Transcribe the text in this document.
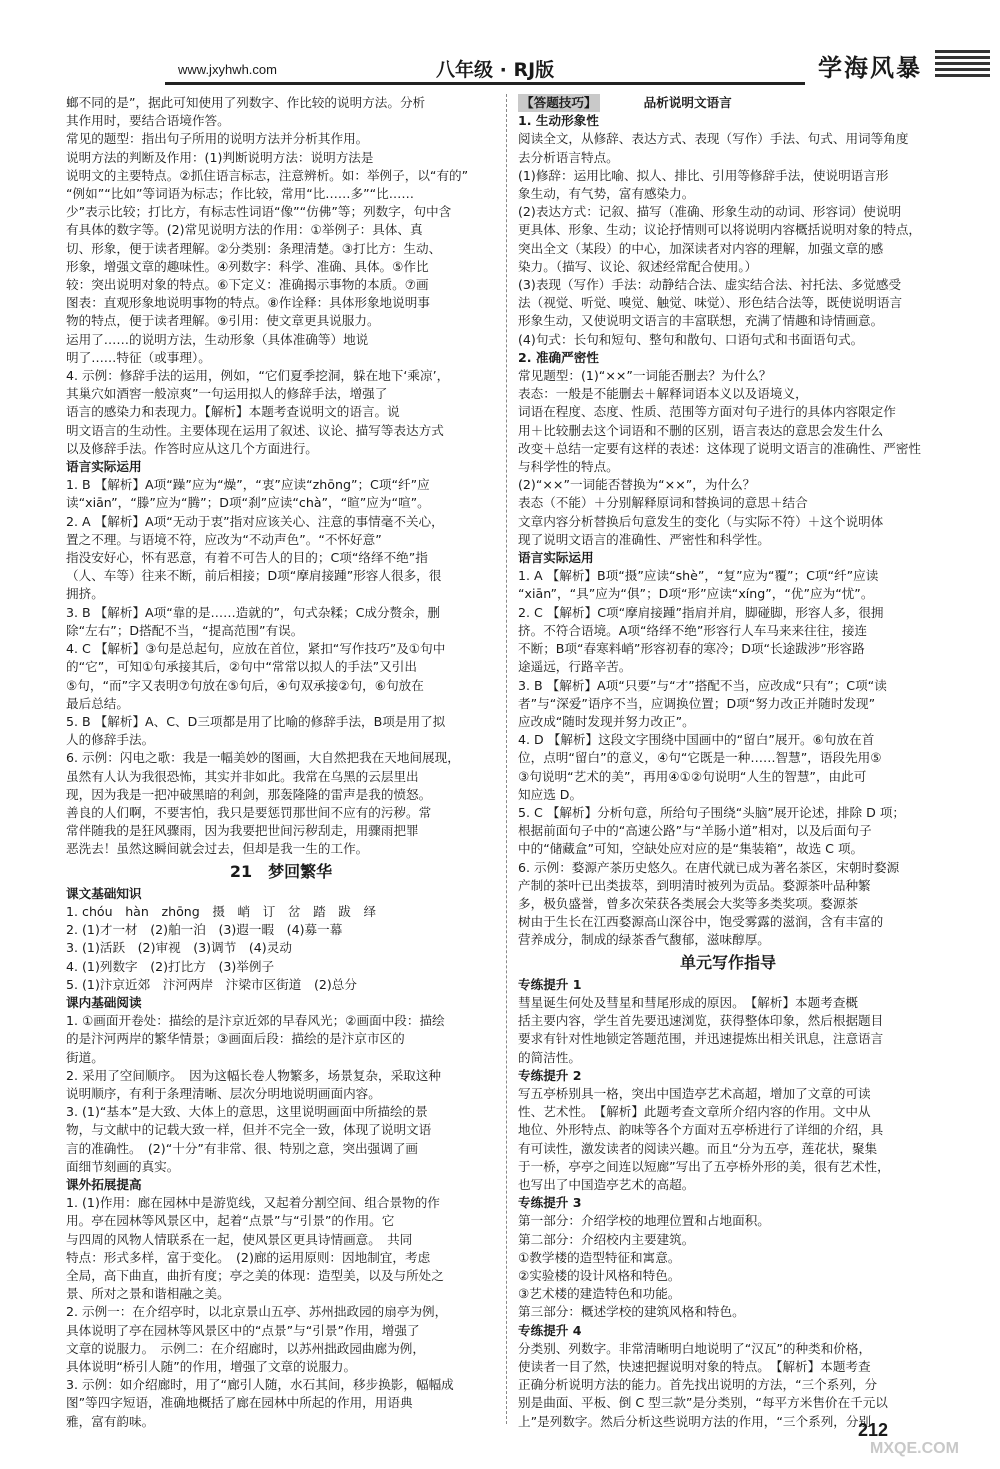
www.jxyhwh.com	八年级 · RJ版	学海风暴
螂不同的是”，据此可知使用了列数字、作比较的说明方法。分析
其作用时，要结合语境作答。
常见的题型：指出句子所用的说明方法并分析其作用。
说明方法的判断及作用：(1)判断说明方法：说明方法是
说明文的主要特点。②抓住语言标志，注意辨析。如：举例子，以“有的”
“例如”“比如”等词语为标志；作比较，常用“比……多”“比……
少”表示比较；打比方，有标志性词语“像”“仿佛”等；列数字，句中含
有具体的数字等。(2)常见说明方法的作用：①举例子：具体、真
切、形象，便于读者理解。②分类别：条理清楚。③打比方：生动、
形象，增强文章的趣味性。④列数字：科学、准确、具体。⑤作比
较：突出说明对象的特点。⑥下定义：准确揭示事物的本质。⑦画
图表：直观形象地说明事物的特点。⑧作诠释：具体形象地说明事
物的特点，便于读者理解。⑨引用：使文章更具说服力。
运用了……的说明方法，生动形象（具体准确等）地说
明了……特征（或事理）。
4. 示例：修辞手法的运用，例如，“它们夏季挖洞，躲在地下‘乘凉’，
其巢穴如酒窖一般凉爽”一句运用拟人的修辞手法，增强了
语言的感染力和表现力。【解析】本题考查说明文的语言。说
明文语言的生动性。主要体现在运用了叙述、议论、描写等表达方式
以及修辞手法。作答时应从这几个方面进行。
语言实际运用
1. B 【解析】A项“躁”应为“燥”，“衷”应读“zhōng”；C项“纤”应
读“xiān”，“滕”应为“腾”；D项“刹”应读“chà”，“暄”应为“喧”。
2. A 【解析】A项“无动于衷”指对应该关心、注意的事情毫不关心，
置之不理。与语境不符，应改为“不动声色”。“不怀好意”
指没安好心，怀有恶意，有着不可告人的目的；C项“络绎不绝”指
（人、车等）往来不断，前后相接；D项“摩肩接踵”形容人很多，很
拥挤。
3. B 【解析】A项“靠的是……造就的”，句式杂糅；C成分赘余，删
除“左右”；D搭配不当，“提高范围”有误。
4. C 【解析】③句是总起句，应放在首位，紧扣“写作技巧”及①句中
的“它”，可知①句承接其后，②句中“常常以拟人的手法”又引出
⑤句，“而”字又表明⑦句放在⑤句后，④句双承接②句，⑥句放在
最后总结。
5. B 【解析】A、C、D三项都是用了比喻的修辞手法，B项是用了拟
人的修辞手法。
6. 示例：闪电之歌：我是一幅美妙的图画，大自然把我在天地间展现，
虽然有人认为我很恐怖，其实并非如此。我常在乌黑的云层里出
现，因为我是一把冲破黑暗的利剑，那轰隆隆的雷声是我的愤怒。
善良的人们啊，不要害怕，我只是要惩罚那世间不应有的污秽。常
常伴随我的是狂风骤雨，因为我要把世间污秽刮走，用骤雨把罪
恶洗去！虽然这瞬间就会过去，但却是我一生的工作。
21　梦回繁华
课文基础知识
1. chóu　hàn　zhōng　摄　峭　订　岔　踏　跋　绎
2. (1)才一材　(2)舶一泊　(3)遐一暇　(4)募一幕
3. (1)活跃　(2)审视　(3)调节　(4)灵动
4. (1)列数字　(2)打比方　(3)举例子
5. (1)汴京近郊　汴河两岸　汴梁市区街道　(2)总分
课内基础阅读
1. ①画面开卷处：描绘的是汴京近郊的早春风光；②画面中段：描绘
的是汴河两岸的繁华情景；③画面后段：描绘的是汴京市区的
街道。
2. 采用了空间顺序。　因为这幅长卷人物繁多，场景复杂，采取这种
说明顺序，有利于条理清晰、层次分明地说明画面内容。
3. (1)“基本”是大致、大体上的意思，这里说明画面中所描绘的景
物，与文献中的记载大致一样，但并不完全一致，体现了说明文语
言的准确性。　(2)“十分”有非常、很、特别之意，突出强调了画
面细节刻画的真实。
课外拓展提高
1. (1)作用：廊在园林中是游览线，又起着分割空间、组合景物的作
用。亭在园林等风景区中，起着“点景”与“引景”的作用。它
与四周的风物人情联系在一起，使风景区更具诗情画意。　共同
特点：形式多样，富于变化。　(2)廊的运用原则：因地制宜，考虑
全局，高下曲直，曲折有度；亭之美的体现：造型美，以及与所处之
景、所对之景和谐相融之美。
2. 示例一：在介绍亭时，以北京景山五亭、苏州拙政园的扇亭为例，
具体说明了亭在园林等风景区中的“点景”与“引景”作用，增强了
文章的说服力。　示例二：在介绍廊时，以苏州拙政园曲廊为例，
具体说明“桥引人随”的作用，增强了文章的说服力。
3. 示例：如介绍廊时，用了“廊引人随，水石其间，移步换影，幅幅成
图”等四字短语，准确地概括了廊在园林中所起的作用，用语典
雅，富有韵味。
【答题技巧】	品析说明文语言
1. 生动形象性
阅读全文，从修辞、表达方式、表现（写作）手法、句式、用词等角度
去分析语言特点。
(1)修辞：运用比喻、拟人、排比、引用等修辞手法，使说明语言形
象生动，有气势，富有感染力。
(2)表达方式：记叙、描写（准确、形象生动的动词、形容词）使说明
更具体、形象、生动；议论抒情则可以将说明内容概括说明对象的特点，
突出全文（某段）的中心，加深读者对内容的理解，加强文章的感
染力。（描写、议论、叙述经常配合使用。）
(3)表现（写作）手法：动静结合法、虚实结合法、衬托法、多觉感受
法（视觉、听觉、嗅觉、触觉、味觉）、形色结合法等，既使说明语言
形象生动，又使说明文语言的丰富联想，充满了情趣和诗情画意。
(4)句式：长句和短句、整句和散句、口语句式和书面语句式。
2. 准确严密性
常见题型：(1)“××”一词能否删去？为什么？
表态：一般是不能删去＋解释词语本义以及语境义，
词语在程度、态度、性质、范围等方面对句子进行的具体内容限定作
用＋比较删去这个词语和不删的区别，语言表达的意思会发生什么
改变＋总结一定要有这样的表述：这体现了说明文语言的准确性、严密性
与科学性的特点。
(2)“××”一词能否替换为“××”，为什么？
表态（不能）＋分别解释原词和替换词的意思＋结合
文章内容分析替换后句意发生的变化（与实际不符）＋这个说明体
现了说明文语言的准确性、严密性和科学性。
语言实际运用
1. A 【解析】B项“摄”应读“shè”，“复”应为“覆”；C项“纤”应读
“xiān”，“具”应为“俱”；D项“形”应读“xíng”，“优”应为“忧”。
2. C 【解析】C项“摩肩接踵”指肩并肩，脚碰脚，形容人多，很拥
挤。不符合语境。A项“络绎不绝”形容行人车马来来往往，接连
不断；B项“春寒料峭”形容初春的寒冷；D项“长途跋涉”形容路
途遥远，行路辛苦。
3. B 【解析】A项“只要”与“才”搭配不当，应改成“只有”；C项“读
者”与“深爱”语序不当，应调换位置；D项“努力改正并随时发现”
应改成“随时发现并努力改正”。
4. D 【解析】这段文字围绕中国画中的“留白”展开。⑥句放在首
位，点明“留白”的意义，④句“它既是一种……智慧”，语段先用⑤
③句说明“艺术的美”，再用④①②句说明“人生的智慧”，由此可
知应选 D。
5. C 【解析】分析句意，所给句子围绕“头脑”展开论述，排除 D 项；
根据前面句子中的“高速公路”与“羊肠小道”相对，以及后面句子
中的“储藏盒”可知，空缺处应对应的是“集装箱”，故选 C 项。
6. 示例：婺源产茶历史悠久。在唐代就已成为著名茶区，宋朝时婺源
产制的茶叶已出类拔萃，到明清时被列为贡品。婺源茶叶品种繁
多，极负盛誉，曾多次荣获各类展会大奖等多类奖项。婺源茶
树由于生长在江西婺源高山深谷中，饱受雾露的滋润，含有丰富的
营养成分，制成的绿茶香气馥郁，滋味醇厚。
单元写作指导
专练提升 1
彗星诞生何处及彗星和彗尾形成的原因。　【解析】本题考查概
括主要内容，学生首先要迅速浏览，获得整体印象，然后根据题目
要求有针对性地锁定答题范围，并迅速提炼出相关讯息，注意语言
的简洁性。
专练提升 2
写五亭桥别具一格，突出中国造亭艺术高超，增加了文章的可读
性、艺术性。　【解析】此题考查文章所介绍内容的作用。文中从
地位、外形特点、韵味等各个方面对五亭桥进行了详细的介绍，具
有可读性，激发读者的阅读兴趣。而且“分为五亭，莲花状，聚集
于一桥，亭亭之间连以短廊”写出了五亭桥外形的美，很有艺术性，
也写出了中国造亭艺术的高超。
专练提升 3
第一部分：介绍学校的地理位置和占地面积。
第二部分：介绍校内主要建筑。
①教学楼的造型特征和寓意。
②实验楼的设计风格和特色。
③艺术楼的建造特色和功能。
第三部分：概述学校的建筑风格和特色。
专练提升 4
分类别、列数字。非常清晰明白地说明了“汉瓦”的种类和价格，
使读者一目了然，快速把握说明对象的特点。　【解析】本题考查
正确分析说明方法的能力。首先找出说明的方法，“三个系列，分
别是曲面、平板、倒 C 型三款”是分类别，“每平方米售价在千元以
上”是列数字。然后分析这些说明方法的作用，“三个系列，分别
212
MXQE.COM
